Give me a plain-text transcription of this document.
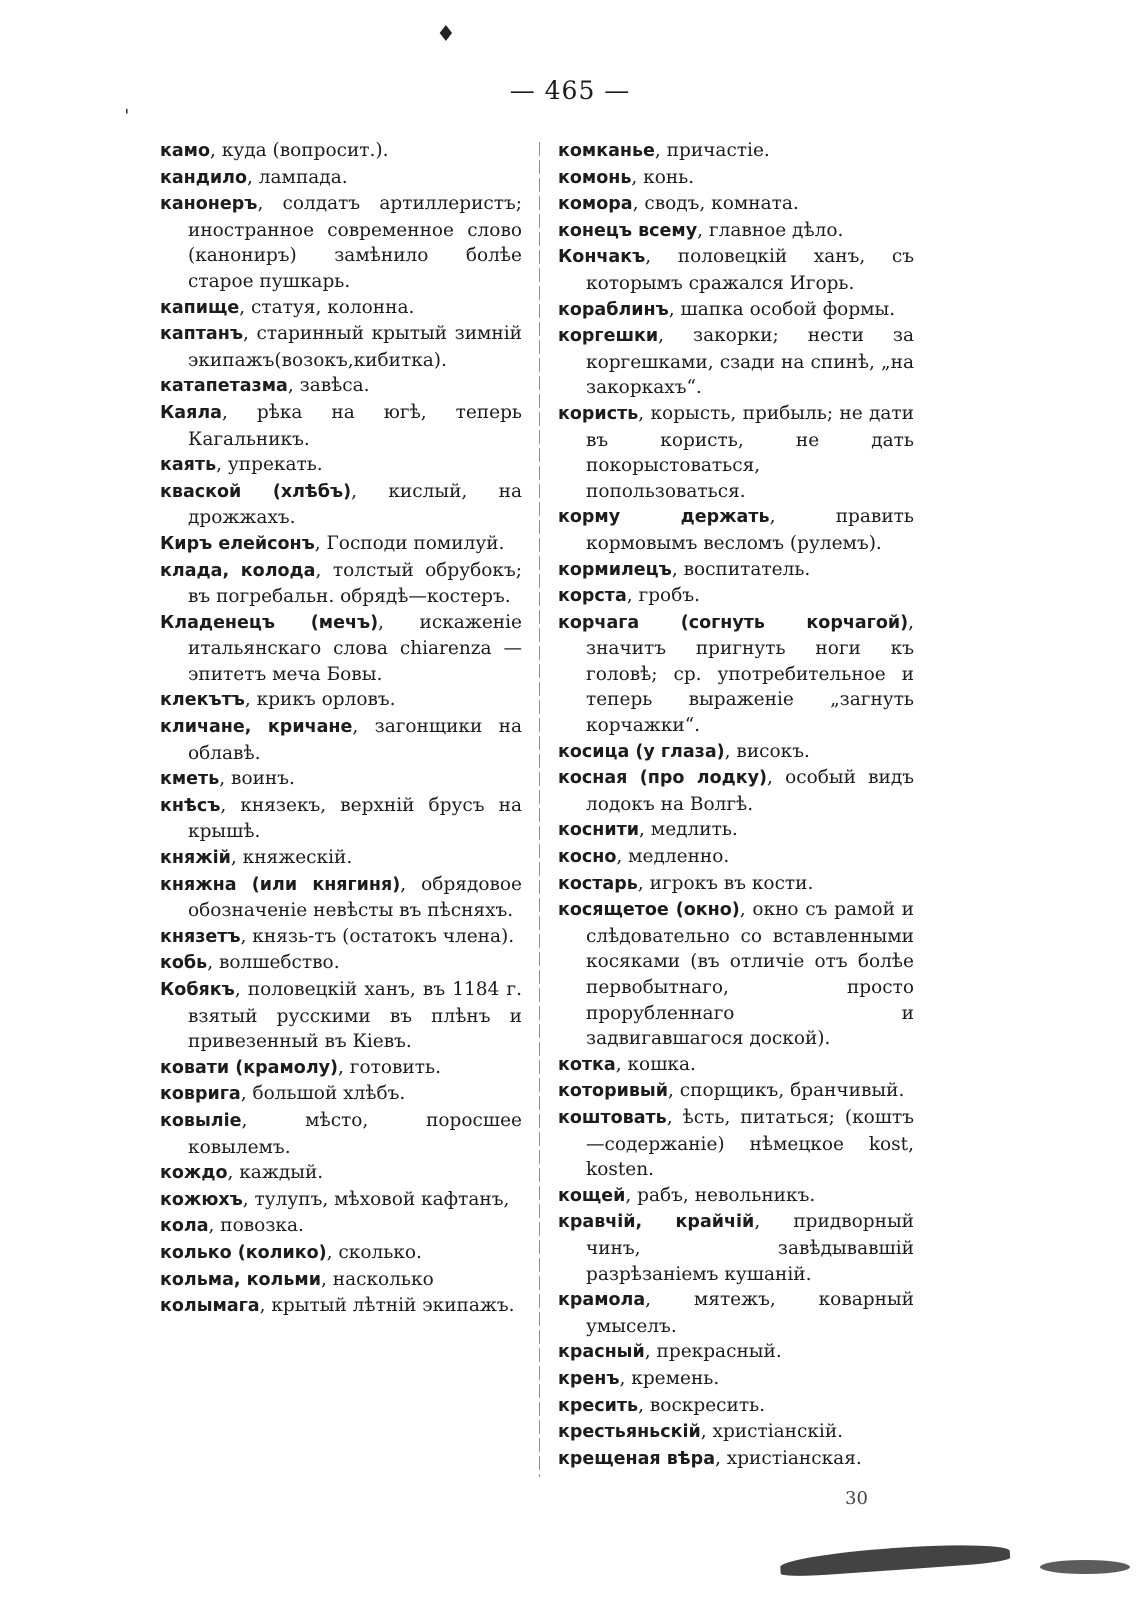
♦
ˌ	— 465 —
камо, куда (вопросит.).
кандило, лампада.
канонеръ, солдатъ артиллеристъ; иностранное современное слово (канониръ) замѣнило болѣе старое пушкарь.
капище, статуя, колонна.
каптанъ, старинный крытый зимній экипажъ(возокъ,кибитка).
катапетазма, завѣса.
Каяла, рѣка на югѣ, теперь Кагальникъ.
каять, упрекать.
кваской (хлѣбъ), кислый, на дрожжахъ.
Киръ елейсонъ, Господи помилуй.
клада, колода, толстый обрубокъ; въ погребальн. обрядѣ—костеръ.
Кладенецъ (мечъ), искаженіе итальянскаго слова chiarenza —эпитетъ меча Бовы.
клекътъ, крикъ орловъ.
кличане, кричане, загонщики на облавѣ.
кметь, воинъ.
кнѣсъ, князекъ, верхній брусъ на крышѣ.
княжій, княжескій.
княжна (или княгиня), обрядовое обозначеніе невѣсты въ пѣсняхъ.
князетъ, князь-тъ (остатокъ члена).
кобь, волшебство.
Кобякъ, половецкій ханъ, въ 1184 г. взятый русскими въ плѣнъ и привезенный въ Кіевъ.
ковати (крамолу), готовить.
коврига, большой хлѣбъ.
ковыліе, мѣсто, поросшее ковылемъ.
кождо, каждый.
кожюхъ, тулупъ, мѣховой кафтанъ,
кола, повозка.
колько (колико), сколько.
кольма, кольми, насколько
колымага, крытый лѣтній экипажъ.
комканье, причастіе.
комонь, конь.
комора, сводъ, комната.
конецъ всему, главное дѣло.
Кончакъ, половецкій ханъ, съ которымъ сражался Игорь.
кораблинъ, шапка особой формы.
коргешки, закорки; нести за коргешками, сзади на спинѣ, „на закоркахъ“.
користь, корысть, прибыль; не дати въ користь, не дать покорыстоваться, попользоваться.
корму держать, править кормовымъ весломъ (рулемъ).
кормилецъ, воспитатель.
корста, гробъ.
корчага (согнуть корчагой), значитъ пригнуть ноги къ головѣ; ср. употребительное и теперь выраженіе „загнуть корчажки“.
косица (у глаза), високъ.
косная (про лодку), особый видъ лодокъ на Волгѣ.
коснити, медлить.
косно, медленно.
костарь, игрокъ въ кости.
косящетое (окно), окно съ рамой и слѣдовательно со вставленными косяками (въ отличіе отъ болѣе первобытнаго, просто прорубленнаго и задвигавшагося доской).
котка, кошка.
которивый, спорщикъ, бранчивый.
коштовать, ѣсть, питаться; (коштъ—содержаніе) нѣмецкое kost, kosten.
кощей, рабъ, невольникъ.
кравчій, крайчій, придворный чинъ, завѣдывавшій разрѣзаніемъ кушаній.
крамола, мятежъ, коварный умыселъ.
красный, прекрасный.
кренъ, кремень.
кресить, воскресить.
крестьяньскій, христіанскій.
крещеная вѣра, христіанская.
30
